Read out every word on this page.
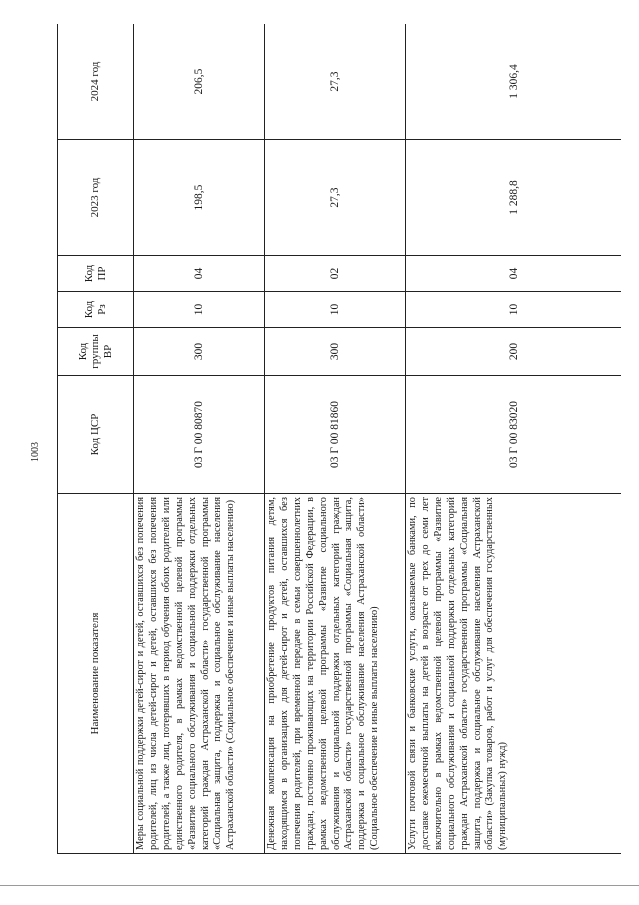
1003
Наименование показателя	Код ЦСР	Код группы ВР	Код Рз	Код ПР	2023 год	2024 год
Меры социальной поддержки детей-сирот и детей, оставшихся без попечения родителей, лиц из числа детей-сирот и детей, оставшихся без попечения родителей, а также лиц, потерявших в период обучения обоих родителей или единственного родителя, в рамках ведомственной целевой программы «Развитие социального обслуживания и социальной поддержки отдельных категорий граждан Астраханской области» государственной программы «Социальная защита, поддержка и социальное обслуживание населения Астраханской области» (Социальное обеспечение и иные выплаты населению)	03 Г 00 80870	300	10	04	198,5	206,5
Денежная компенсация на приобретение продуктов питания детям, находящимся в организациях для детей-сирот и детей, оставшихся без попечения родителей, при временной передаче в семьи совершеннолетних граждан, постоянно проживающих на территории Российской Федерации, в рамках ведомственной целевой программы «Развитие социального обслуживания и социальной поддержки отдельных категорий граждан Астраханской области» государственной программы «Социальная защита, поддержка и социальное обслуживание населения Астраханской области» (Социальное обеспечение и иные выплаты населению)	03 Г 00 81860	300	10	02	27,3	27,3
Услуги почтовой связи и банковские услуги, оказываемые банками, по доставке ежемесячной выплаты на детей в возрасте от трех до семи лет включительно в рамках ведомственной целевой программы «Развитие социального обслуживания и социальной поддержки отдельных категорий граждан Астраханской области» государственной программы «Социальная защита, поддержка и социальное обслуживание населения Астраханской области» (Закупка товаров, работ и услуг для обеспечения государственных (муниципальных) нужд)	03 Г 00 83020	200	10	04	1 288,8	1 306,4
